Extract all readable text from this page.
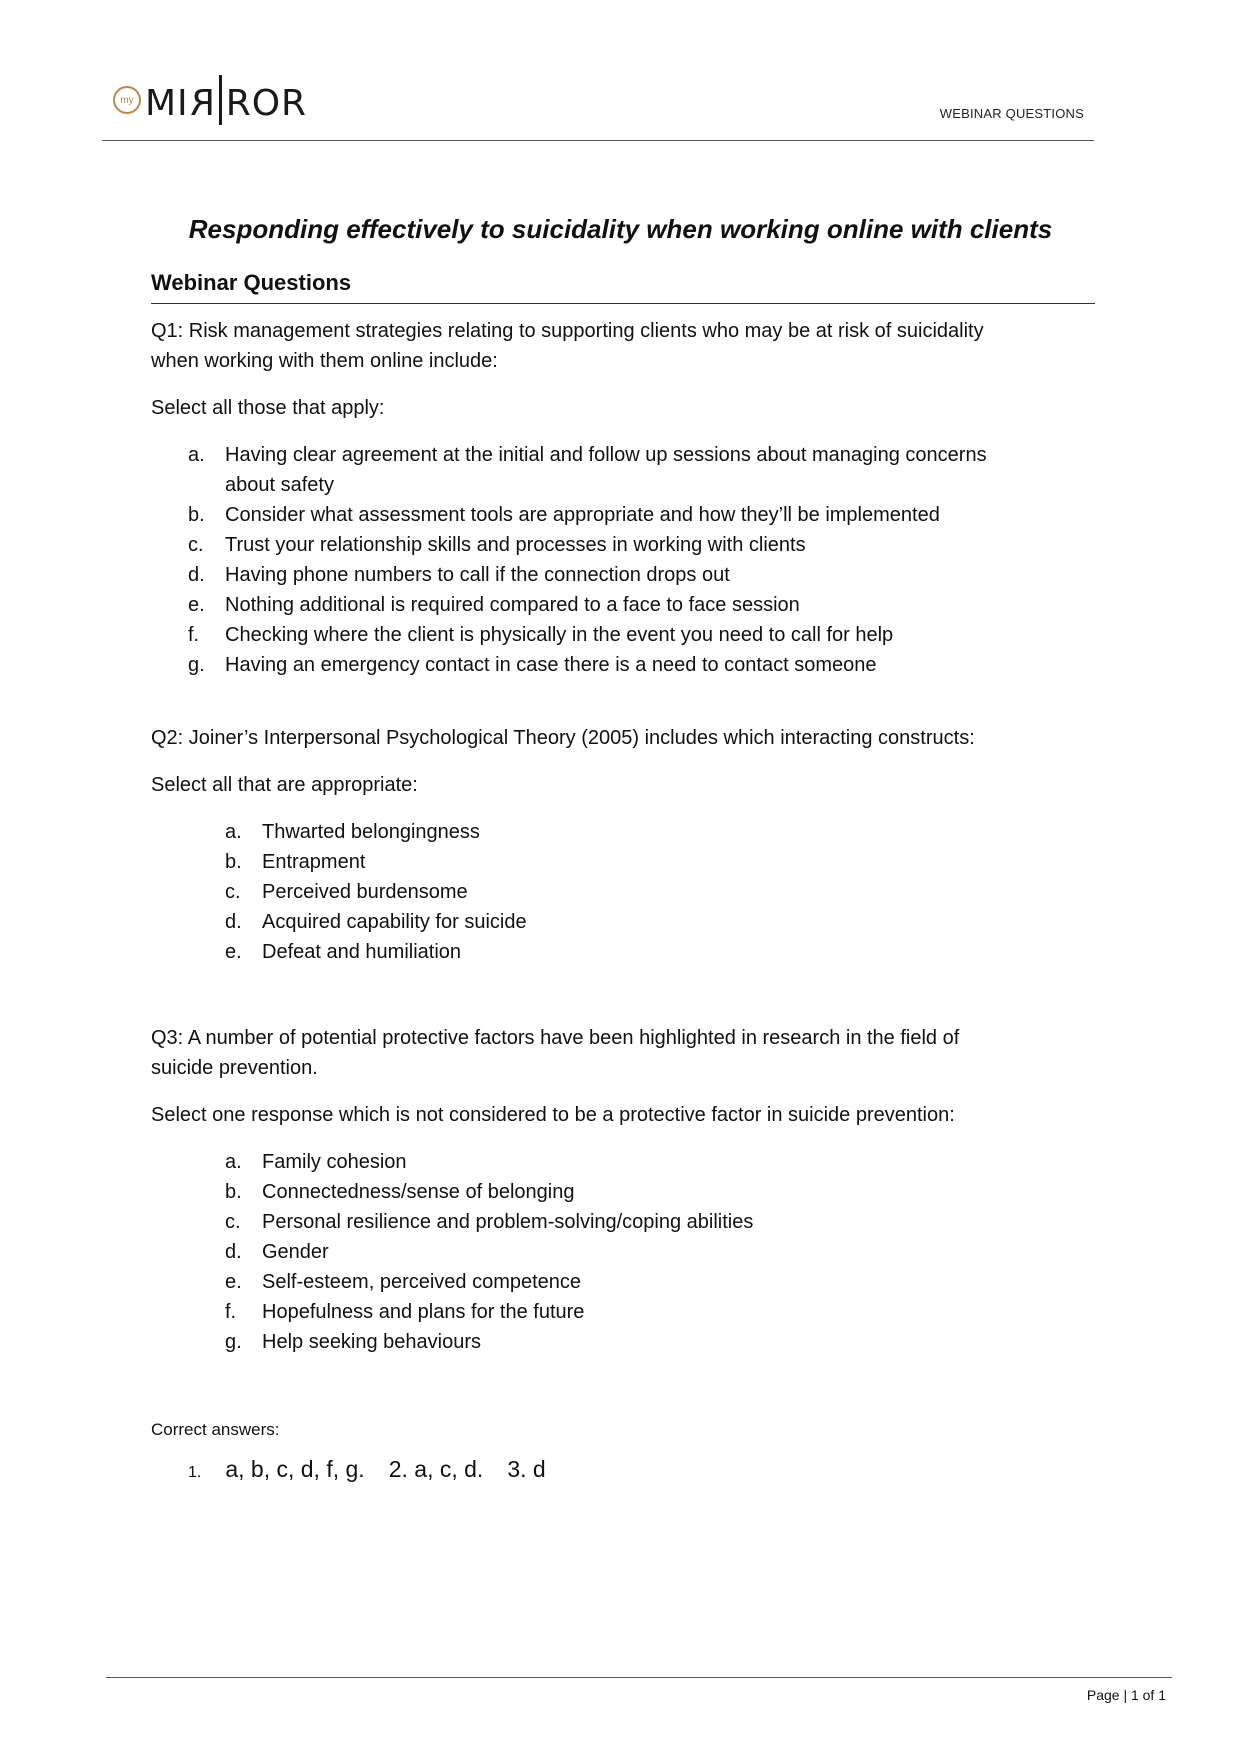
my MIR ROR	WEBINAR QUESTIONS
Responding effectively to suicidality when working online with clients
Webinar Questions
Q1: Risk management strategies relating to supporting clients who may be at risk of suicidality
when working with them online include:
Select all those that apply:
a.	Having clear agreement at the initial and follow up sessions about managing concerns
about safety
b.	Consider what assessment tools are appropriate and how they’ll be implemented
c.	Trust your relationship skills and processes in working with clients
d.	Having phone numbers to call if the connection drops out
e.	Nothing additional is required compared to a face to face session
f.	Checking where the client is physically in the event you need to call for help
g.	Having an emergency contact in case there is a need to contact someone
Q2: Joiner’s Interpersonal Psychological Theory (2005) includes which interacting constructs:
Select all that are appropriate:
a.	Thwarted belongingness
b.	Entrapment
c.	Perceived burdensome
d.	Acquired capability for suicide
e.	Defeat and humiliation
Q3: A number of potential protective factors have been highlighted in research in the field of
suicide prevention.
Select one response which is not considered to be a protective factor in suicide prevention:
a.	Family cohesion
b.	Connectedness/sense of belonging
c.	Personal resilience and problem-solving/coping abilities
d.	Gender
e.	Self-esteem, perceived competence
f.	Hopefulness and plans for the future
g.	Help seeking behaviours
Correct answers:
1. a, b, c, d, f, g. 2. a, c, d. 3. d
Page | 1 of 1
